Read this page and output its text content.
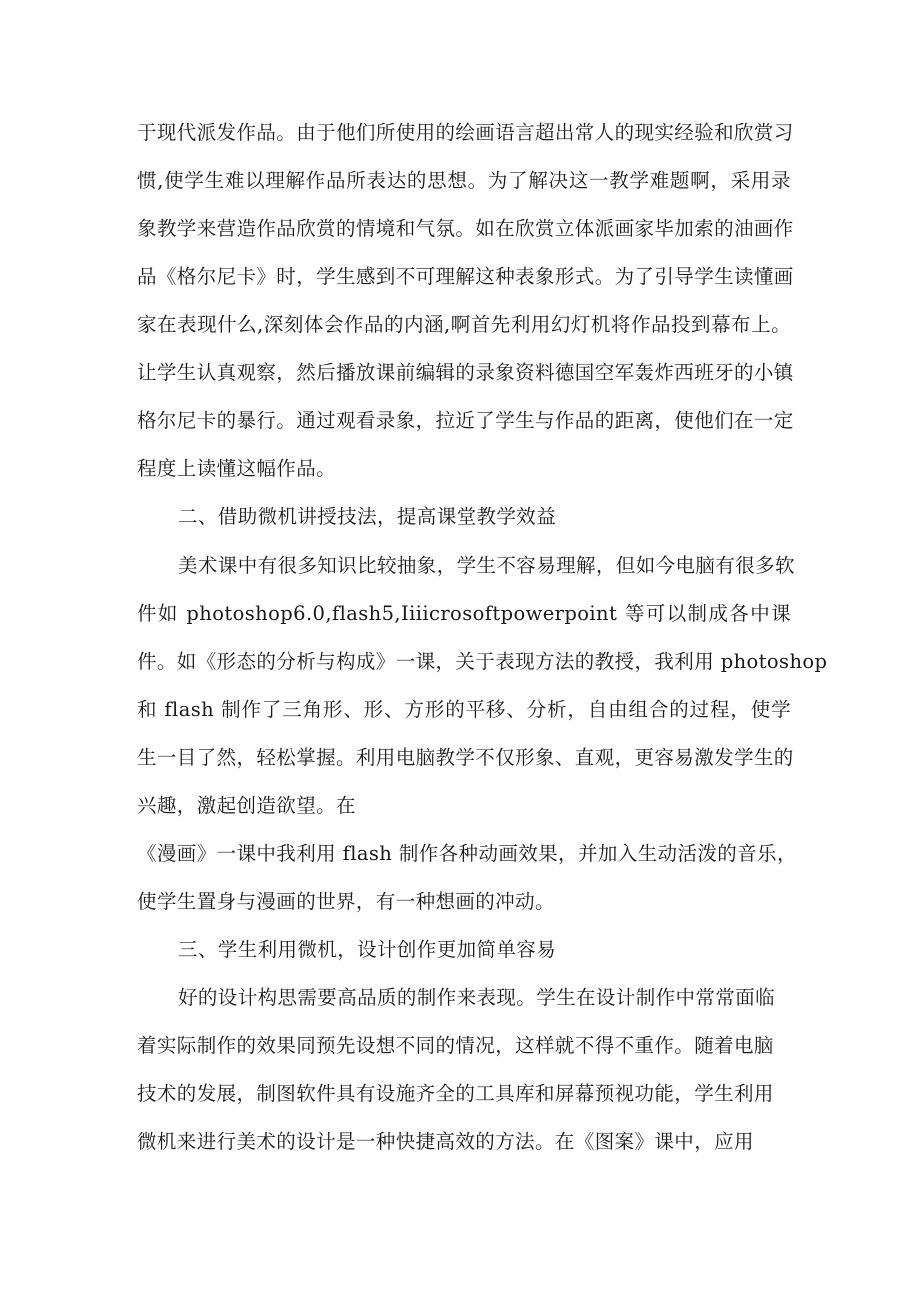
于现代派发作品。由于他们所使用的绘画语言超出常人的现实经验和欣赏习
惯,使学生难以理解作品所表达的思想。为了解决这一教学难题啊，采用录
象教学来营造作品欣赏的情境和气氛。如在欣赏立体派画家毕加索的油画作
品《格尔尼卡》时，学生感到不可理解这种表象形式。为了引导学生读懂画
家在表现什么,深刻体会作品的内涵,啊首先利用幻灯机将作品投到幕布上。
让学生认真观察，然后播放课前编辑的录象资料德国空军轰炸西班牙的小镇
格尔尼卡的暴行。通过观看录象，拉近了学生与作品的距离，使他们在一定
程度上读懂这幅作品。
二、借助微机讲授技法，提高课堂教学效益
美术课中有很多知识比较抽象，学生不容易理解，但如今电脑有很多软
件如 photoshop6.0,flash5,Iiiicrosoftpowerpoint 等可以制成各中课
件。如《形态的分析与构成》一课，关于表现方法的教授，我利用 photoshop
和 flash 制作了三角形、形、方形的平移、分析，自由组合的过程，使学
生一目了然，轻松掌握。利用电脑教学不仅形象、直观，更容易激发学生的
兴趣，激起创造欲望。在
《漫画》一课中我利用 flash 制作各种动画效果，并加入生动活泼的音乐，
使学生置身与漫画的世界，有一种想画的冲动。
三、学生利用微机，设计创作更加简单容易
好的设计构思需要高品质的制作来表现。学生在设计制作中常常面临
着实际制作的效果同预先设想不同的情况，这样就不得不重作。随着电脑
技术的发展，制图软件具有设施齐全的工具库和屏幕预视功能，学生利用
微机来进行美术的设计是一种快捷高效的方法。在《图案》课中，应用
